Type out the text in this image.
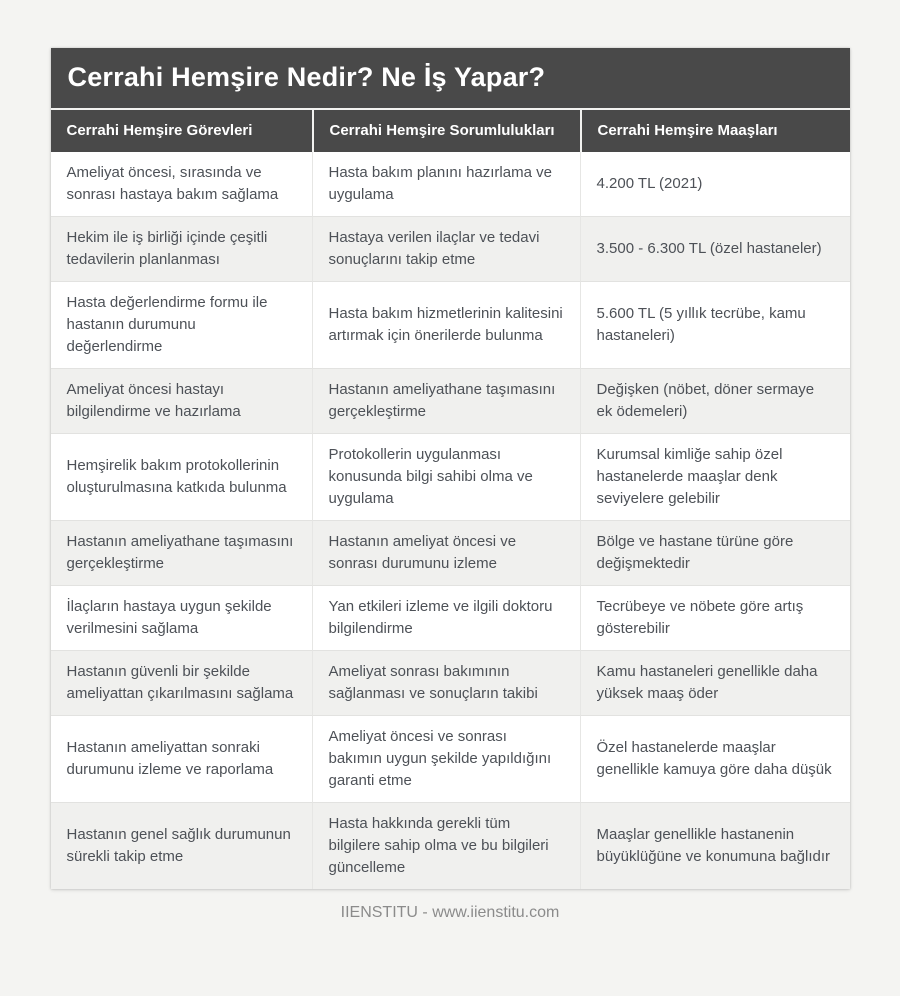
Cerrahi Hemşire Nedir? Ne İş Yapar?
Cerrahi Hemşire Görevleri	Cerrahi Hemşire Sorumlulukları	Cerrahi Hemşire Maaşları
Ameliyat öncesi, sırasında ve sonrası hastaya bakım sağlama	Hasta bakım planını hazırlama ve uygulama	4.200 TL (2021)
Hekim ile iş birliği içinde çeşitli tedavilerin planlanması	Hastaya verilen ilaçlar ve tedavi sonuçlarını takip etme	3.500 - 6.300 TL (özel hastaneler)
Hasta değerlendirme formu ile hastanın durumunu değerlendirme	Hasta bakım hizmetlerinin kalitesini artırmak için önerilerde bulunma	5.600 TL (5 yıllık tecrübe, kamu hastaneleri)
Ameliyat öncesi hastayı bilgilendirme ve hazırlama	Hastanın ameliyathane taşımasını gerçekleştirme	Değişken (nöbet, döner sermaye ek ödemeleri)
Hemşirelik bakım protokollerinin oluşturulmasına katkıda bulunma	Protokollerin uygulanması konusunda bilgi sahibi olma ve uygulama	Kurumsal kimliğe sahip özel hastanelerde maaşlar denk seviyelere gelebilir
Hastanın ameliyathane taşımasını gerçekleştirme	Hastanın ameliyat öncesi ve sonrası durumunu izleme	Bölge ve hastane türüne göre değişmektedir
İlaçların hastaya uygun şekilde verilmesini sağlama	Yan etkileri izleme ve ilgili doktoru bilgilendirme	Tecrübeye ve nöbete göre artış gösterebilir
Hastanın güvenli bir şekilde ameliyattan çıkarılmasını sağlama	Ameliyat sonrası bakımının sağlanması ve sonuçların takibi	Kamu hastaneleri genellikle daha yüksek maaş öder
Hastanın ameliyattan sonraki durumunu izleme ve raporlama	Ameliyat öncesi ve sonrası bakımın uygun şekilde yapıldığını garanti etme	Özel hastanelerde maaşlar genellikle kamuya göre daha düşük
Hastanın genel sağlık durumunun sürekli takip etme	Hasta hakkında gerekli tüm bilgilere sahip olma ve bu bilgileri güncelleme	Maaşlar genellikle hastanenin büyüklüğüne ve konumuna bağlıdır
IIENSTITU - www.iienstitu.com
